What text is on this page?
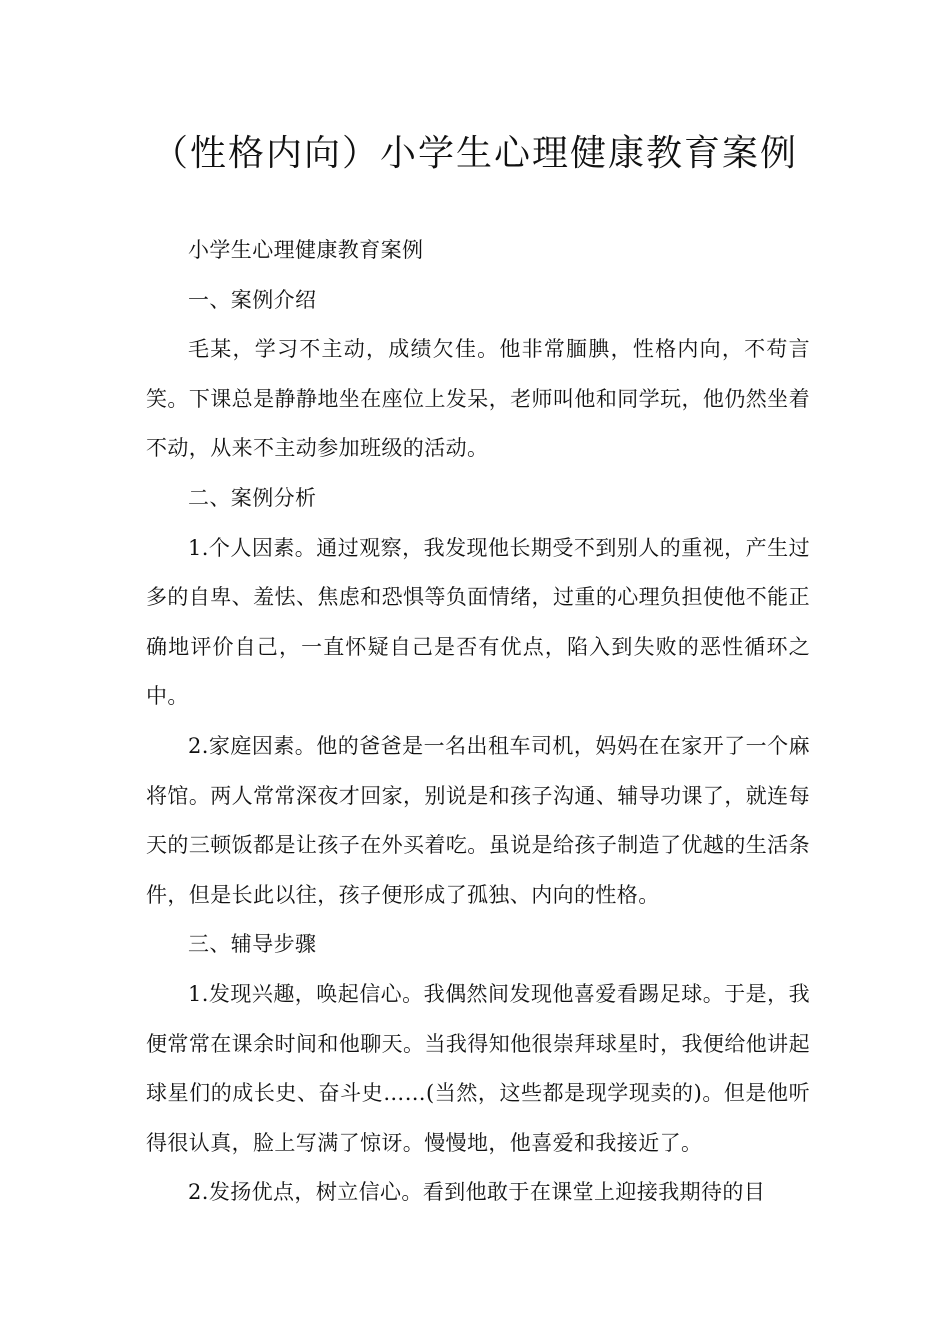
（性格内向）小学生心理健康教育案例

小学生心理健康教育案例

一、案例介绍

毛某，学习不主动，成绩欠佳。他非常腼腆，性格内向，不苟言笑。下课总是静静地坐在座位上发呆，老师叫他和同学玩，他仍然坐着不动，从来不主动参加班级的活动。

二、案例分析

1.个人因素。通过观察，我发现他长期受不到别人的重视，产生过多的自卑、羞怯、焦虑和恐惧等负面情绪，过重的心理负担使他不能正确地评价自己，一直怀疑自己是否有优点，陷入到失败的恶性循环之中。

2.家庭因素。他的爸爸是一名出租车司机，妈妈在在家开了一个麻将馆。两人常常深夜才回家，别说是和孩子沟通、辅导功课了，就连每天的三顿饭都是让孩子在外买着吃。虽说是给孩子制造了优越的生活条件，但是长此以往，孩子便形成了孤独、内向的性格。

三、辅导步骤

1.发现兴趣，唤起信心。我偶然间发现他喜爱看踢足球。于是，我便常常在课余时间和他聊天。当我得知他很崇拜球星时，我便给他讲起球星们的成长史、奋斗史……(当然，这些都是现学现卖的)。但是他听得很认真，脸上写满了惊讶。慢慢地，他喜爱和我接近了。

2.发扬优点，树立信心。看到他敢于在课堂上迎接我期待的目
